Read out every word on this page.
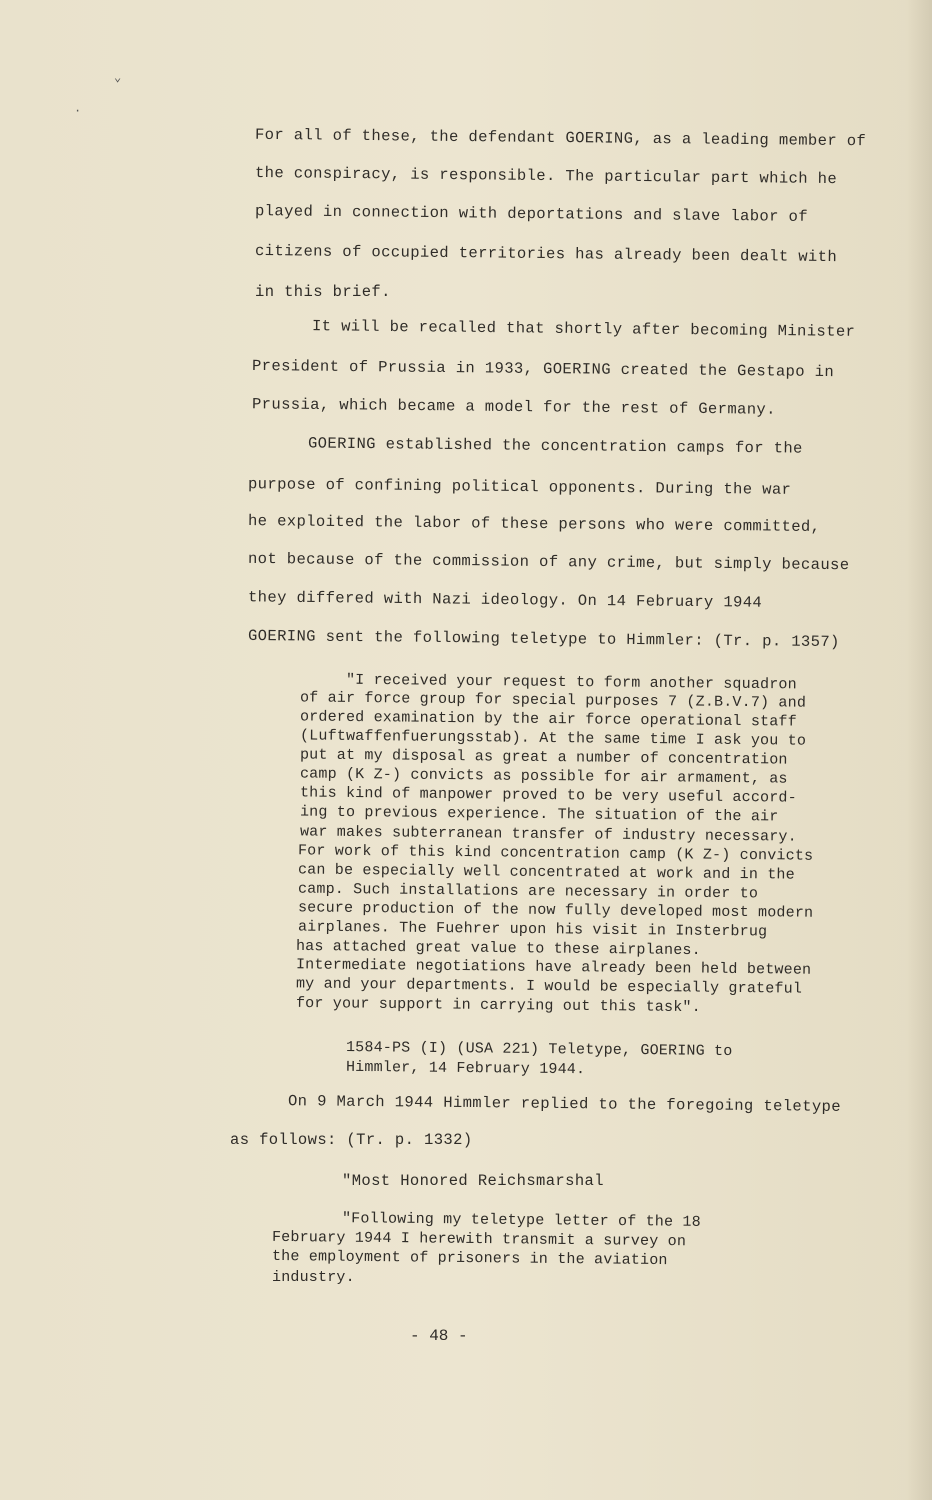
⌄
·
For all of these, the defendant GOERING, as a leading member of
the conspiracy, is responsible. The particular part which he
played in connection with deportations and slave labor of
citizens of occupied territories has already been dealt with
in this brief.
It will be recalled that shortly after becoming Minister
President of Prussia in 1933, GOERING created the Gestapo in
Prussia, which became a model for the rest of Germany.
GOERING established the concentration camps for the
purpose of confining political opponents. During the war
he exploited the labor of these persons who were committed,
not because of the commission of any crime, but simply because
they differed with Nazi ideology. On 14 February 1944
GOERING sent the following teletype to Himmler: (Tr. p. 1357)
"I received your request to form another squadron
of air force group for special purposes 7 (Z.B.V.7) and
ordered examination by the air force operational staff
(Luftwaffenfuerungsstab). At the same time I ask you to
put at my disposal as great a number of concentration
camp (K Z-) convicts as possible for air armament, as
this kind of manpower proved to be very useful accord-
ing to previous experience. The situation of the air
war makes subterranean transfer of industry necessary.
For work of this kind concentration camp (K Z-) convicts
can be especially well concentrated at work and in the
camp. Such installations are necessary in order to
secure production of the now fully developed most modern
airplanes. The Fuehrer upon his visit in Insterbrug
has attached great value to these airplanes.
Intermediate negotiations have already been held between
my and your departments. I would be especially grateful
for your support in carrying out this task".
1584-PS (I) (USA 221) Teletype, GOERING to
Himmler, 14 February 1944.
On 9 March 1944 Himmler replied to the foregoing teletype
as follows: (Tr. p. 1332)
"Most Honored Reichsmarshal
"Following my teletype letter of the 18
February 1944 I herewith transmit a survey on
the employment of prisoners in the aviation
industry.
- 48 -
